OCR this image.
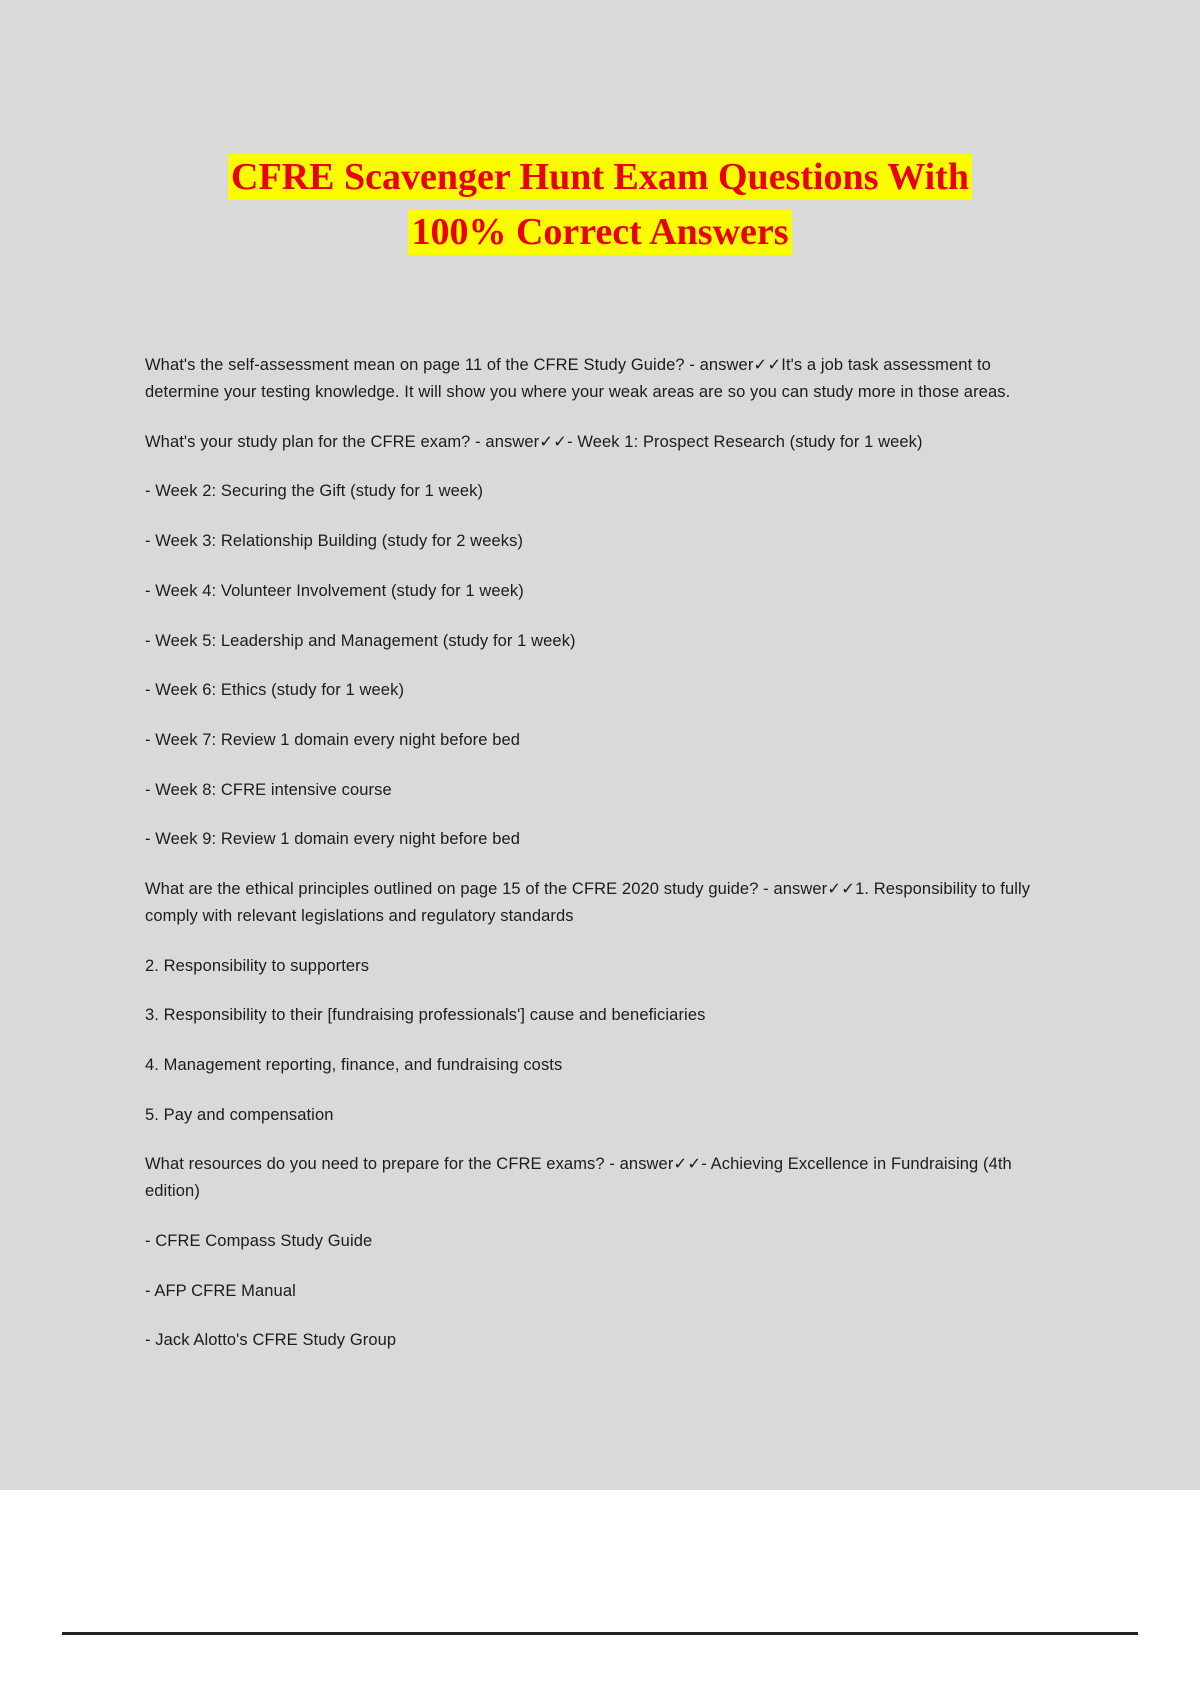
CFRE Scavenger Hunt Exam Questions With
100% Correct Answers

What's the self-assessment mean on page 11 of the CFRE Study Guide? - answer✓✓It's a job task assessment to determine your testing knowledge. It will show you where your weak areas are so you can study more in those areas.

What's your study plan for the CFRE exam? - answer✓✓- Week 1: Prospect Research (study for 1 week)

- Week 2: Securing the Gift (study for 1 week)

- Week 3: Relationship Building (study for 2 weeks)

- Week 4: Volunteer Involvement (study for 1 week)

- Week 5: Leadership and Management (study for 1 week)

- Week 6: Ethics (study for 1 week)

- Week 7: Review 1 domain every night before bed

- Week 8: CFRE intensive course

- Week 9: Review 1 domain every night before bed

What are the ethical principles outlined on page 15 of the CFRE 2020 study guide? - answer✓✓1. Responsibility to fully comply with relevant legislations and regulatory standards

2. Responsibility to supporters

3. Responsibility to their [fundraising professionals'] cause and beneficiaries

4. Management reporting, finance, and fundraising costs

5. Pay and compensation

What resources do you need to prepare for the CFRE exams? - answer✓✓- Achieving Excellence in Fundraising (4th edition)

- CFRE Compass Study Guide

- AFP CFRE Manual

- Jack Alotto's CFRE Study Group
